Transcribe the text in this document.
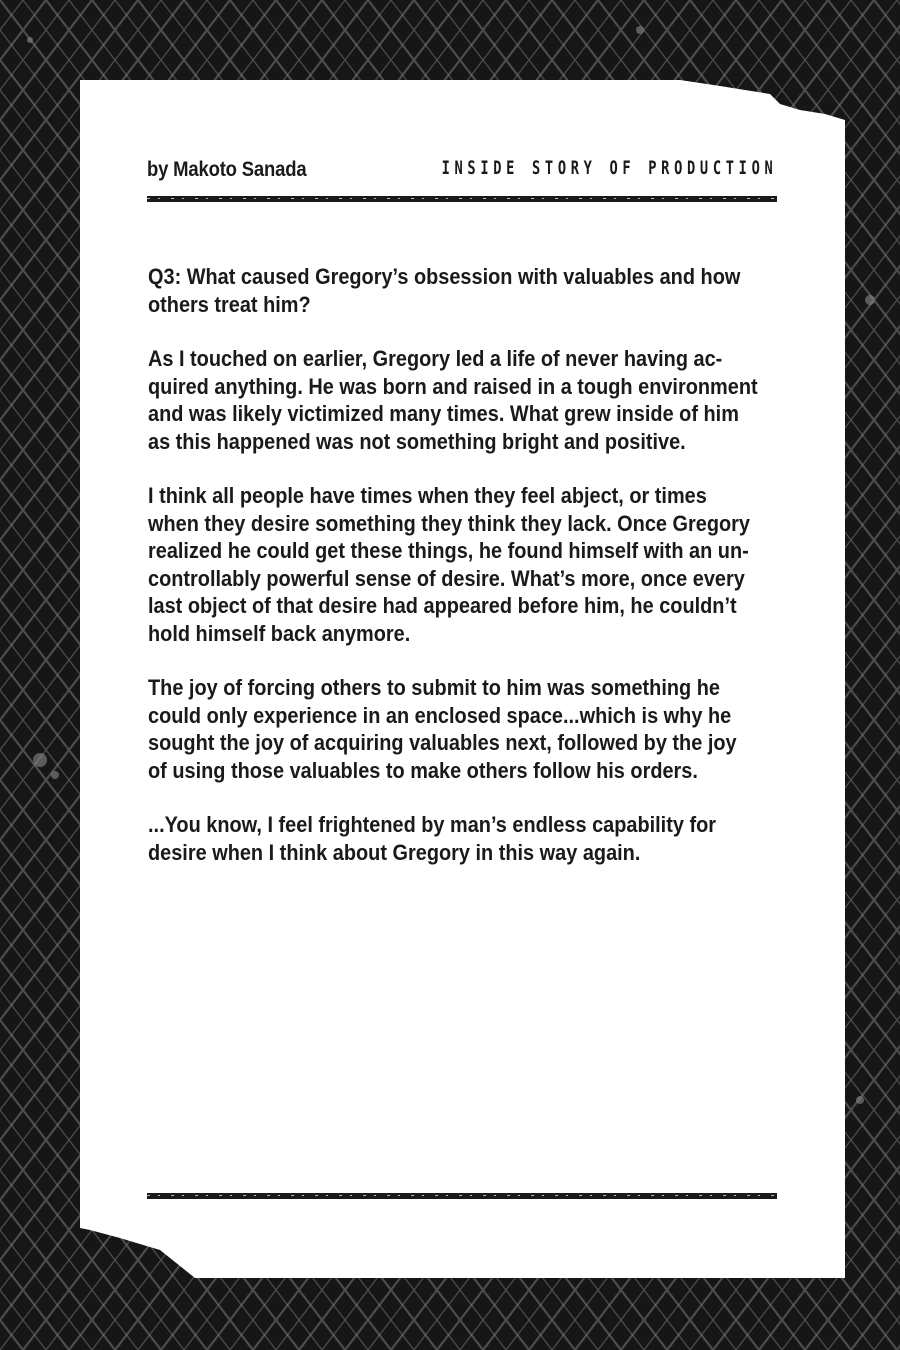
by Makoto Sanada	INSIDE STORY OF PRODUCTION

Q3: What caused Gregory’s obsession with valuables and how
others treat him?

As I touched on earlier, Gregory led a life of never having ac-
quired anything. He was born and raised in a tough environment
and was likely victimized many times. What grew inside of him
as this happened was not something bright and positive.

I think all people have times when they feel abject, or times
when they desire something they think they lack. Once Gregory
realized he could get these things, he found himself with an un-
controllably powerful sense of desire. What’s more, once every
last object of that desire had appeared before him, he couldn’t
hold himself back anymore.

The joy of forcing others to submit to him was something he
could only experience in an enclosed space...which is why he
sought the joy of acquiring valuables next, followed by the joy
of using those valuables to make others follow his orders.

...You know, I feel frightened by man’s endless capability for
desire when I think about Gregory in this way again.
